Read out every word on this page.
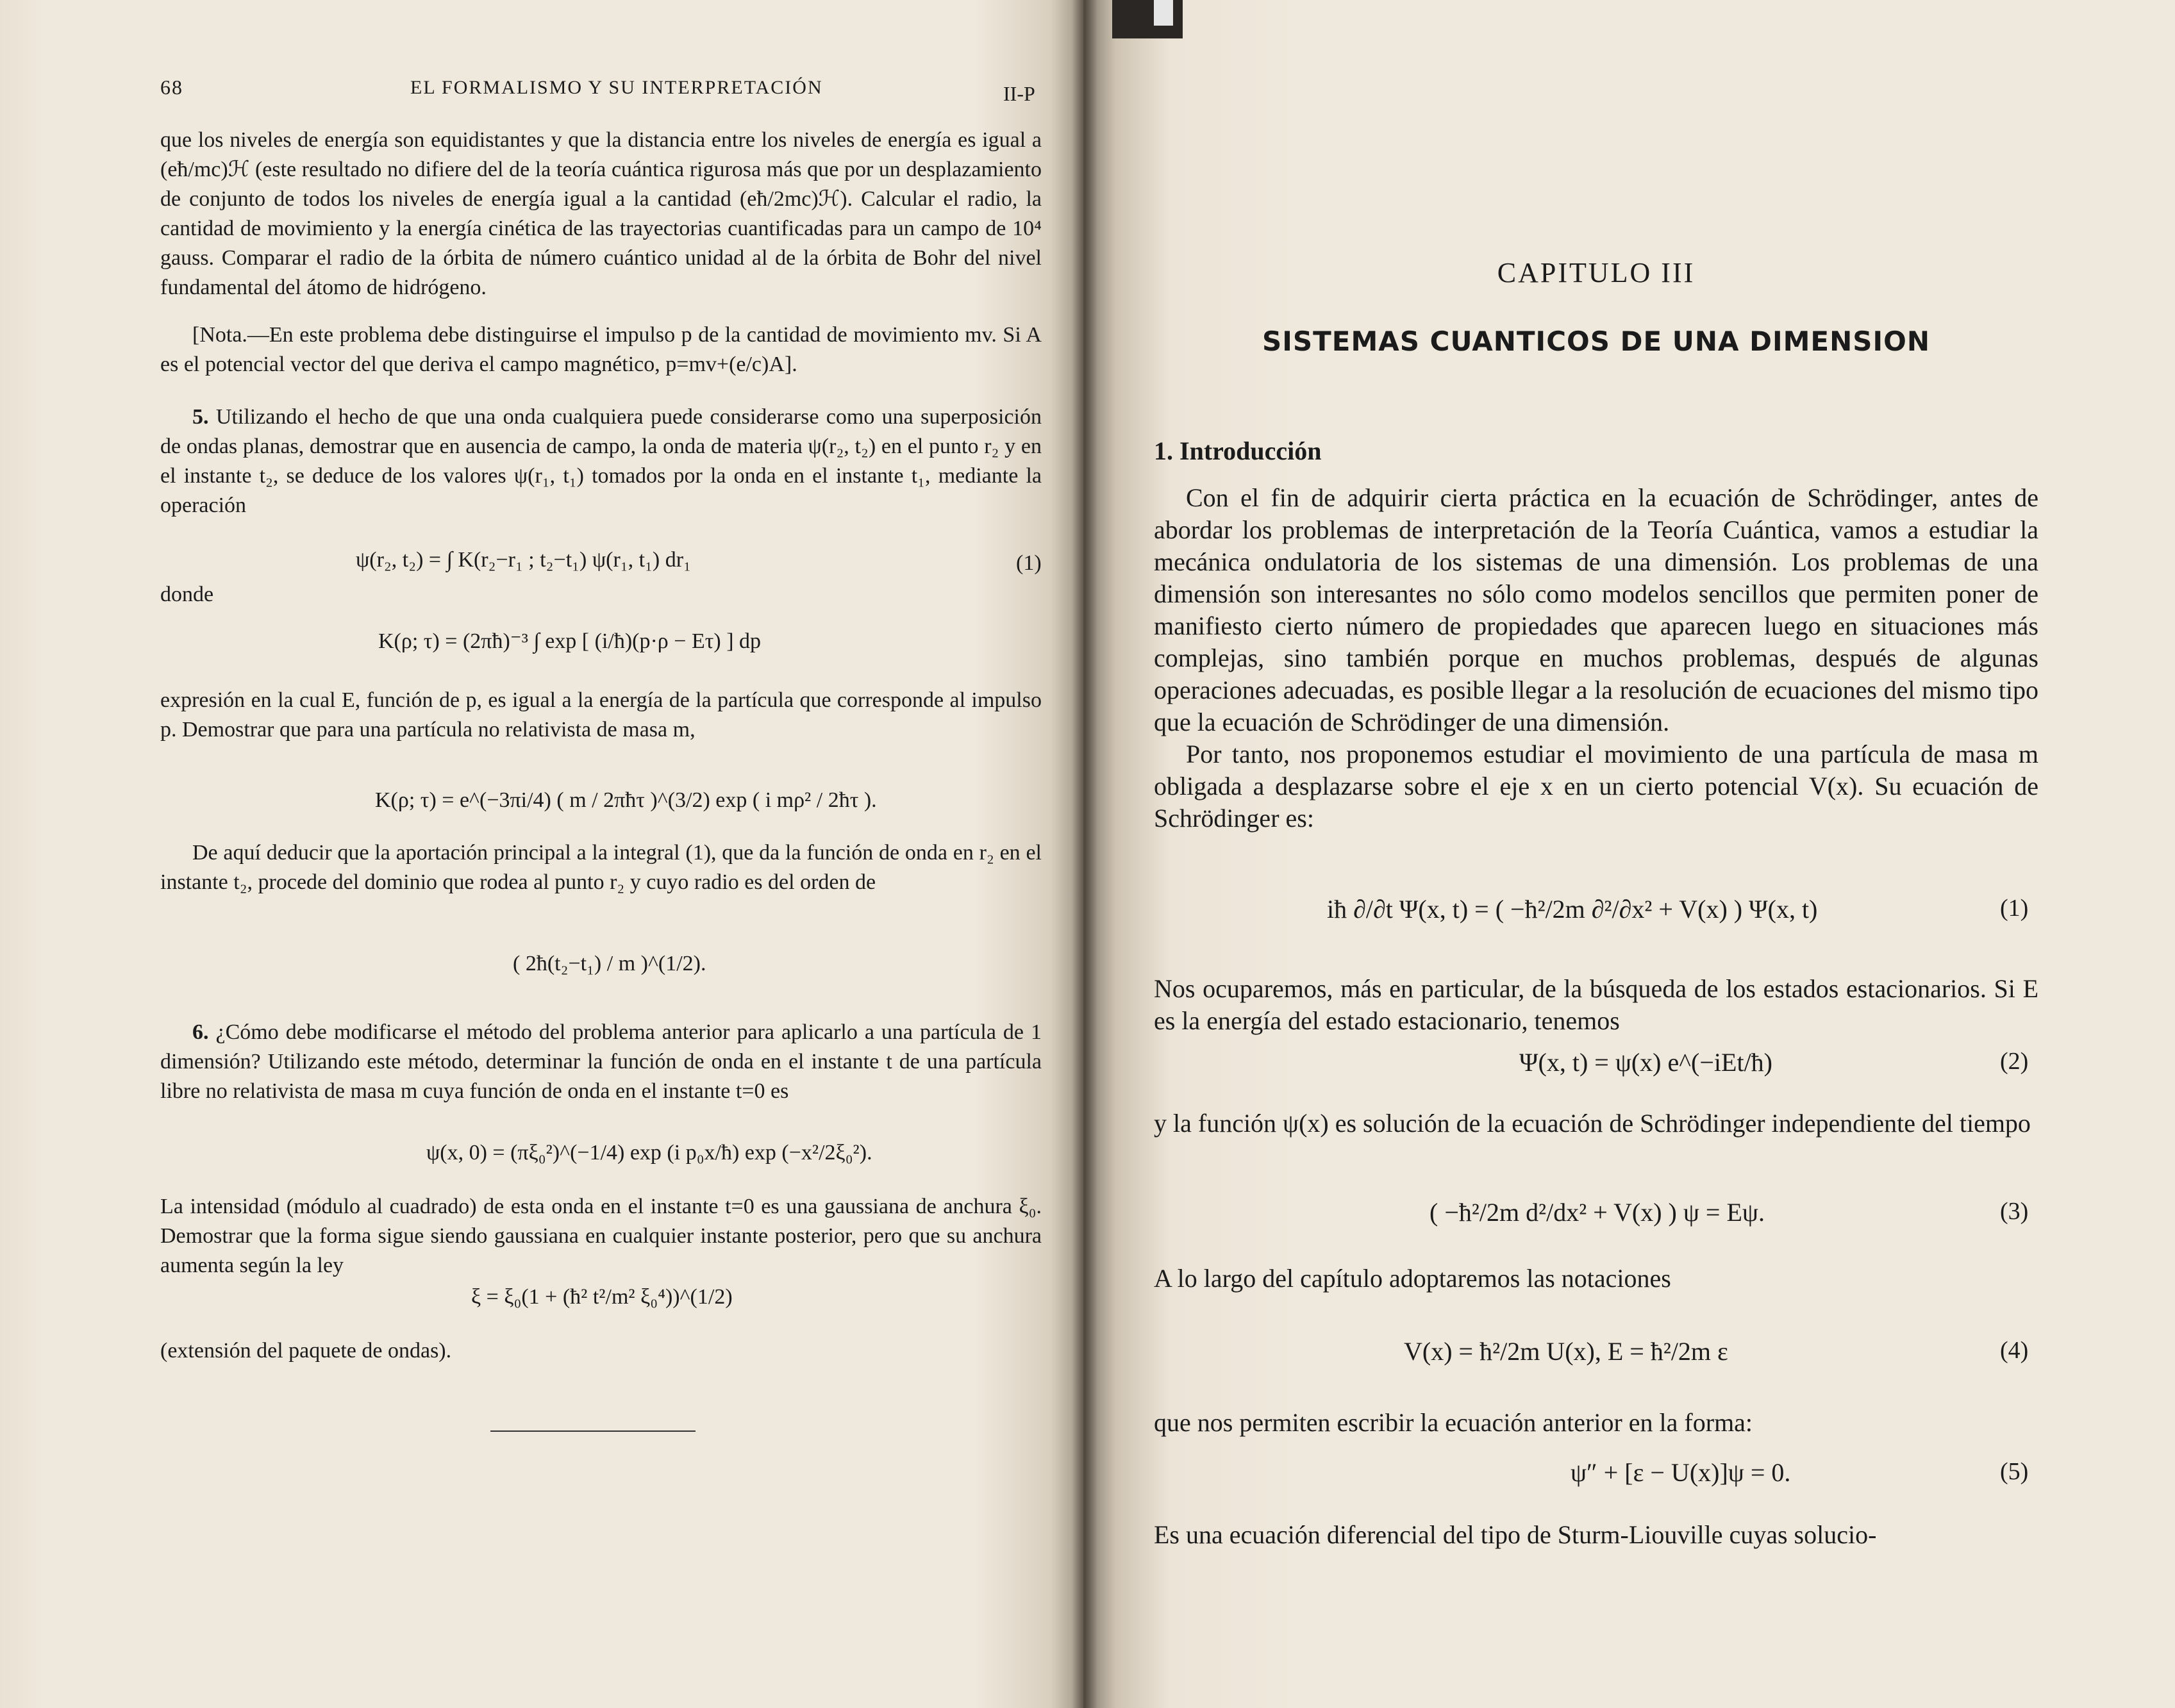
68	EL FORMALISMO Y SU INTERPRETACIÓN	II-P

que los niveles de energía son equidistantes y que la distancia entre los niveles de energía es igual a (eħ/mc)ℋ (este resultado no difiere del de la teoría cuántica rigurosa más que por un desplazamiento de conjunto de todos los niveles de energía igual a la cantidad (eħ/2mc)ℋ). Calcular el radio, la cantidad de movimiento y la energía cinética de las trayectorias cuantificadas para un campo de 10⁴ gauss. Comparar el radio de la órbita de número cuántico unidad al de la órbita de Bohr del nivel fundamental del átomo de hidrógeno.

[Nota.—En este problema debe distinguirse el impulso p de la cantidad de movimiento mv. Si A es el potencial vector del que deriva el campo magnético, p=mv+(e/c)A].

5. Utilizando el hecho de que una onda cualquiera puede considerarse como una superposición de ondas planas, demostrar que en ausencia de campo, la onda de materia ψ(r₂, t₂) en el punto r₂ y en el instante t₂, se deduce de los valores ψ(r₁, t₁) tomados por la onda en el instante t₁, mediante la operación

ψ(r₂, t₂) = ∫ K(r₂−r₁ ; t₂−t₁) ψ(r₁, t₁) dr₁	(1)

donde

K(ρ; τ) = (2πħ)⁻³ ∫ exp [ (i/ħ)(p·ρ − Eτ) ] dp

expresión en la cual E, función de p, es igual a la energía de la partícula que corresponde al impulso p. Demostrar que para una partícula no relativista de masa m,

K(ρ; τ) = e^(−3πi/4) ( m / 2πħτ )^(3/2) exp ( i mρ² / 2ħτ ).

De aquí deducir que la aportación principal a la integral (1), que da la función de onda en r₂ en el instante t₂, procede del dominio que rodea al punto r₂ y cuyo radio es del orden de

( 2ħ(t₂−t₁) / m )^(1/2).

6. ¿Cómo debe modificarse el método del problema anterior para aplicarlo a una partícula de 1 dimensión? Utilizando este método, determinar la función de onda en el instante t de una partícula libre no relativista de masa m cuya función de onda en el instante t=0 es

ψ(x, 0) = (πξ₀²)^(−1/4) exp (i p₀x/ħ) exp (−x²/2ξ₀²).

La intensidad (módulo al cuadrado) de esta onda en el instante t=0 es una gaussiana de anchura ξ₀. Demostrar que la forma sigue siendo gaussiana en cualquier instante posterior, pero que su anchura aumenta según la ley

ξ = ξ₀(1 + (ħ² t²/m² ξ₀⁴))^(1/2)

(extensión del paquete de ondas).

CAPITULO III
SISTEMAS CUANTICOS DE UNA DIMENSION
1. Introducción

Con el fin de adquirir cierta práctica en la ecuación de Schrödinger, antes de abordar los problemas de interpretación de la Teoría Cuántica, vamos a estudiar la mecánica ondulatoria de los sistemas de una dimensión. Los problemas de una dimensión son interesantes no sólo como modelos sencillos que permiten poner de manifiesto cierto número de propiedades que aparecen luego en situaciones más complejas, sino también porque en muchos problemas, después de algunas operaciones adecuadas, es posible llegar a la resolución de ecuaciones del mismo tipo que la ecuación de Schrödinger de una dimensión.

Por tanto, nos proponemos estudiar el movimiento de una partícula de masa m obligada a desplazarse sobre el eje x en un cierto potencial V(x). Su ecuación de Schrödinger es:

iħ ∂/∂t Ψ(x, t) = ( −ħ²/2m ∂²/∂x² + V(x) ) Ψ(x, t)	(1)

Nos ocuparemos, más en particular, de la búsqueda de los estados estacionarios. Si E es la energía del estado estacionario, tenemos

Ψ(x, t) = ψ(x) e^(−iEt/ħ)	(2)

y la función ψ(x) es solución de la ecuación de Schrödinger independiente del tiempo

( −ħ²/2m d²/dx² + V(x) ) ψ = Eψ.	(3)

A lo largo del capítulo adoptaremos las notaciones

V(x) = ħ²/2m U(x), E = ħ²/2m ε	(4)

que nos permiten escribir la ecuación anterior en la forma:

ψ″ + [ε − U(x)]ψ = 0.	(5)

Es una ecuación diferencial del tipo de Sturm-Liouville cuyas solucio-
